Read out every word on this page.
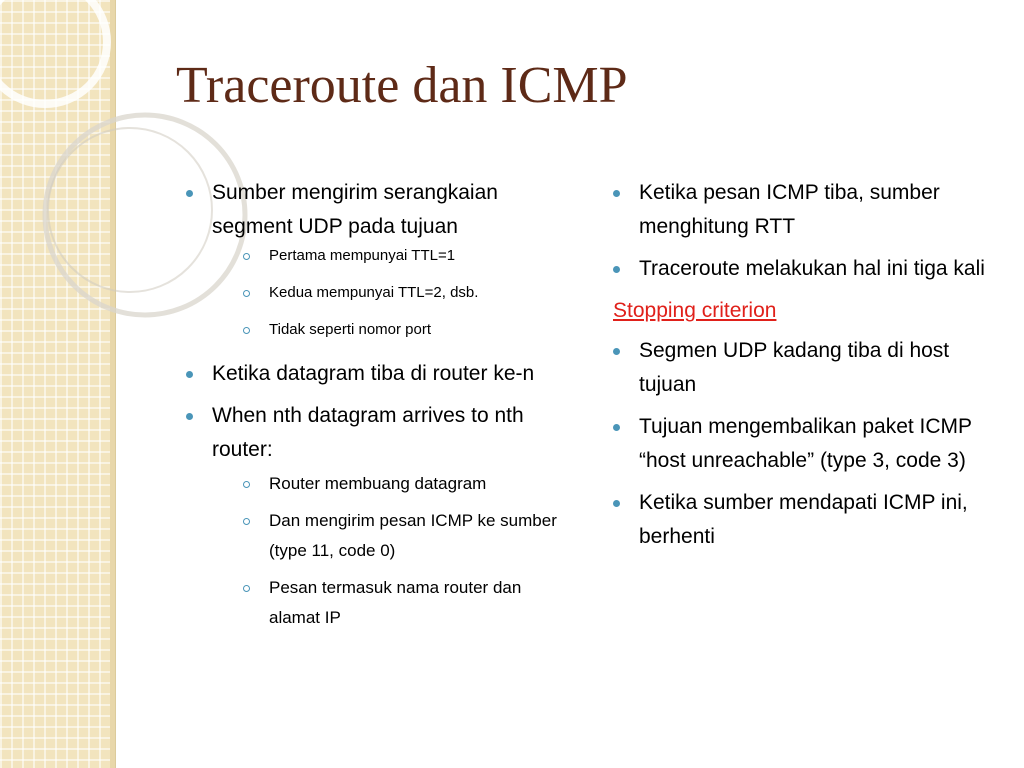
Traceroute dan ICMP
Sumber mengirim serangkaian segment UDP pada tujuan
Pertama mempunyai TTL=1
Kedua mempunyai TTL=2, dsb.
Tidak seperti nomor port
Ketika datagram tiba di router ke-n
When nth datagram arrives to nth router:
Router membuang datagram
Dan mengirim pesan ICMP ke sumber (type 11, code 0)
Pesan termasuk nama router dan alamat IP
Ketika pesan ICMP tiba, sumber menghitung RTT
Traceroute melakukan hal ini tiga kali
Stopping criterion
Segmen UDP kadang tiba di host tujuan
Tujuan mengembalikan paket ICMP “host unreachable” (type 3, code 3)
Ketika sumber mendapati ICMP ini, berhenti
